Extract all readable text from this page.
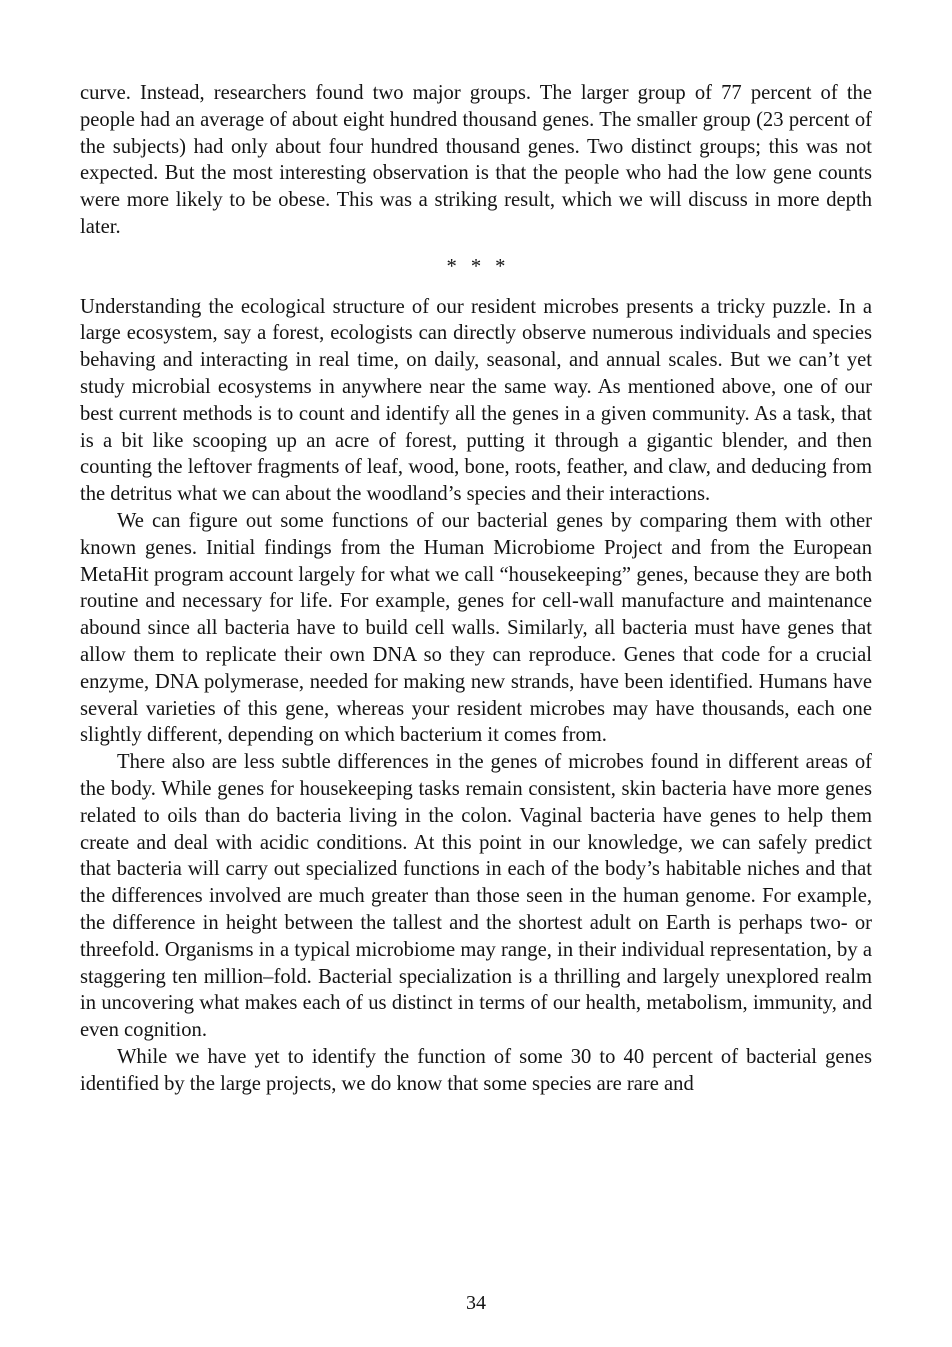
curve. Instead, researchers found two major groups. The larger group of 77 percent of the people had an average of about eight hundred thousand genes. The smaller group (23 percent of the subjects) had only about four hundred thousand genes. Two distinct groups; this was not expected. But the most interesting observation is that the people who had the low gene counts were more likely to be obese. This was a striking result, which we will discuss in more depth later.

* * *

Understanding the ecological structure of our resident microbes presents a tricky puzzle. In a large ecosystem, say a forest, ecologists can directly observe numerous individuals and species behaving and interacting in real time, on daily, seasonal, and annual scales. But we can’t yet study microbial ecosystems in anywhere near the same way. As mentioned above, one of our best current methods is to count and identify all the genes in a given community. As a task, that is a bit like scooping up an acre of forest, putting it through a gigantic blender, and then counting the leftover fragments of leaf, wood, bone, roots, feather, and claw, and deducing from the detritus what we can about the woodland’s species and their interactions.

We can figure out some functions of our bacterial genes by comparing them with other known genes. Initial findings from the Human Microbiome Project and from the European MetaHit program account largely for what we call “housekeeping” genes, because they are both routine and necessary for life. For example, genes for cell-wall manufacture and maintenance abound since all bacteria have to build cell walls. Similarly, all bacteria must have genes that allow them to replicate their own DNA so they can reproduce. Genes that code for a crucial enzyme, DNA polymerase, needed for making new strands, have been identified. Humans have several varieties of this gene, whereas your resident microbes may have thousands, each one slightly different, depending on which bacterium it comes from.

There also are less subtle differences in the genes of microbes found in different areas of the body. While genes for housekeeping tasks remain consistent, skin bacteria have more genes related to oils than do bacteria living in the colon. Vaginal bacteria have genes to help them create and deal with acidic conditions. At this point in our knowledge, we can safely predict that bacteria will carry out specialized functions in each of the body’s habitable niches and that the differences involved are much greater than those seen in the human genome. For example, the difference in height between the tallest and the shortest adult on Earth is perhaps two- or threefold. Organisms in a typical microbiome may range, in their individual representation, by a staggering ten million–fold. Bacterial specialization is a thrilling and largely unexplored realm in uncovering what makes each of us distinct in terms of our health, metabolism, immunity, and even cognition.

While we have yet to identify the function of some 30 to 40 percent of bacterial genes identified by the large projects, we do know that some species are rare and

34
